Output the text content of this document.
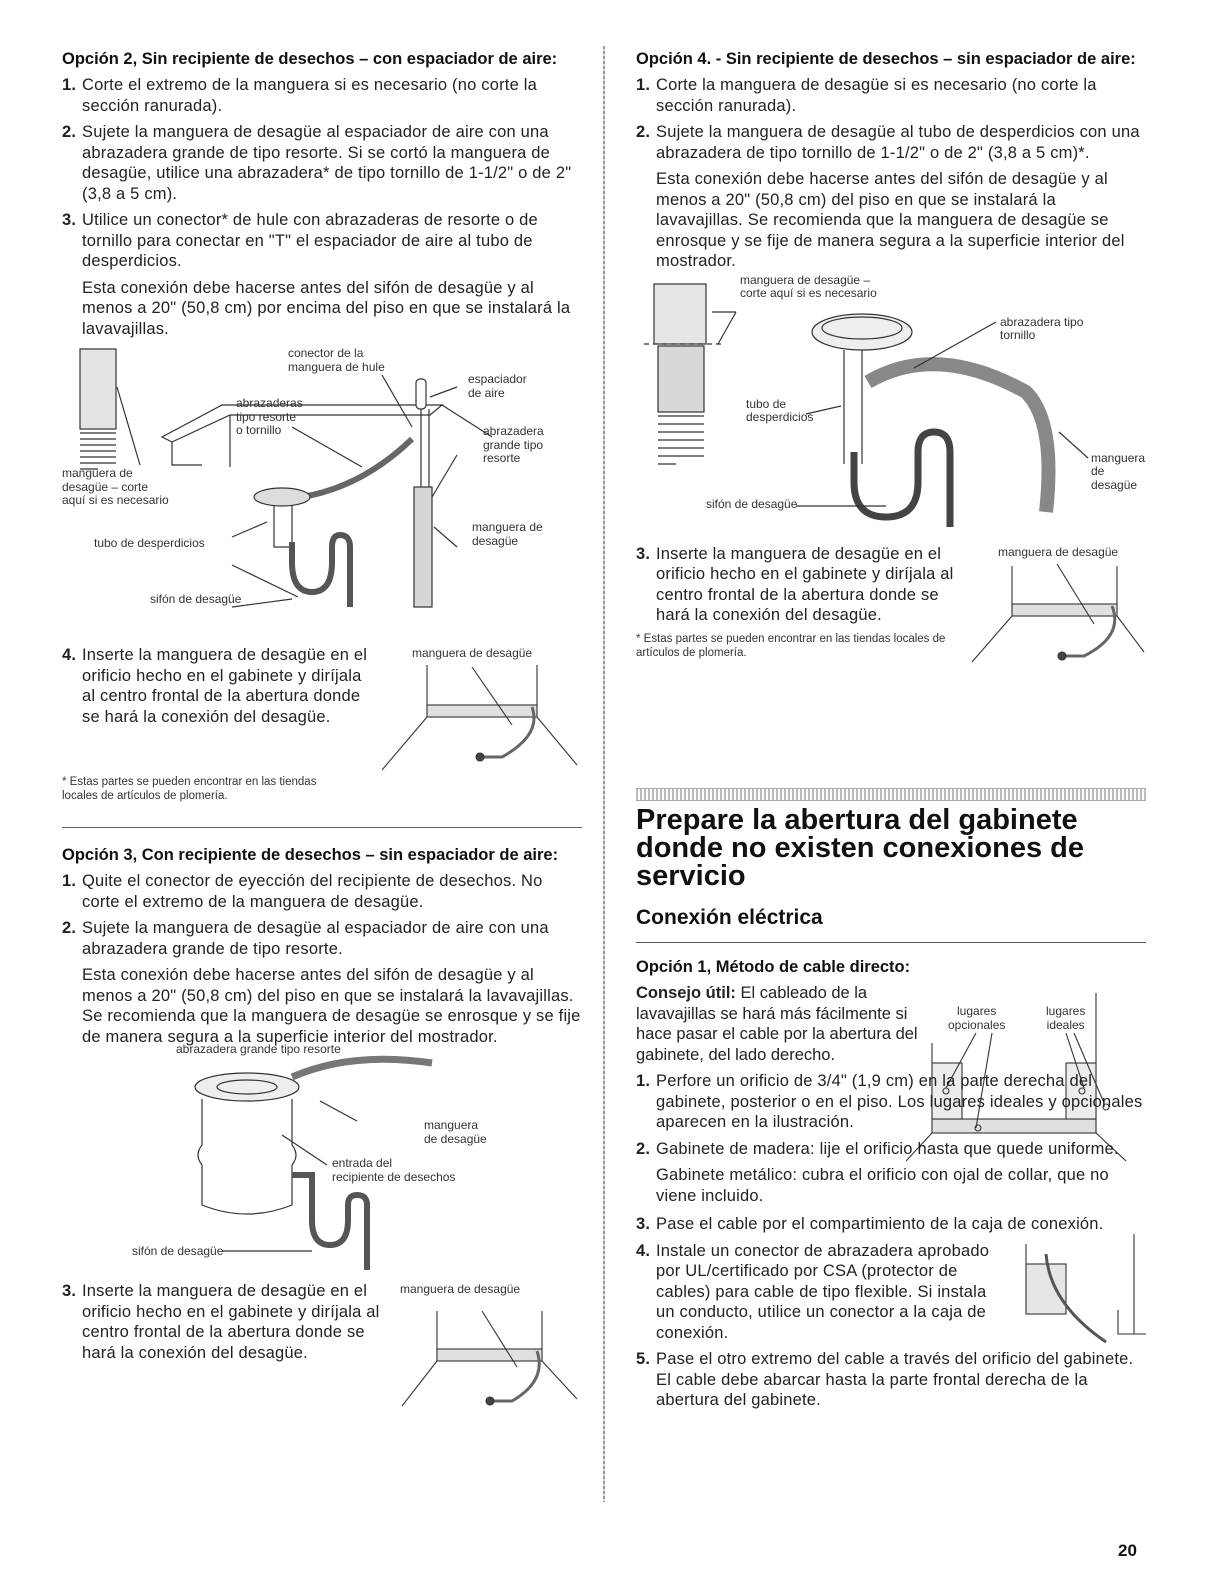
Opción 2, Sin recipiente de desechos – con espaciador de aire:
1. Corte el extremo de la manguera si es necesario (no corte la sección ranurada).
2. Sujete la manguera de desagüe al espaciador de aire con una abrazadera grande de tipo resorte. Si se cortó la manguera de desagüe, utilice una abrazadera* de tipo tornillo de 1-1/2" o de 2" (3,8 a 5 cm).
3. Utilice un conector* de hule con abrazaderas de resorte o de tornillo para conectar en "T" el espaciador de aire al tubo de desperdicios.

Esta conexión debe hacerse antes del sifón de desagüe y al menos a 20" (50,8 cm) por encima del piso en que se instalará la lavavajillas.

conector de la
manguera de hule
espaciador
de aire
abrazaderas
tipo resorte
o tornillo	abrazadera
grande tipo
resorte
manguera de
desagüe – corte
aquí si es necesario
tubo de desperdicios
manguera de
desagüe
sifón de desagüe
4. Inserte la manguera de desagüe en el orificio hecho en el gabinete y diríjala al centro frontal de la abertura donde se hará la conexión del desagüe.
manguera de desagüe

* Estas partes se pueden encontrar en las tiendas locales de artículos de plomería.

Opción 3, Con recipiente de desechos – sin espaciador de aire:
1. Quite el conector de eyección del recipiente de desechos. No corte el extremo de la manguera de desagüe.
2. Sujete la manguera de desagüe al espaciador de aire con una abrazadera grande de tipo resorte.

Esta conexión debe hacerse antes del sifón de desagüe y al menos a 20" (50,8 cm) del piso en que se instalará la lavavajillas. Se recomienda que la manguera de desagüe se enrosque y se fije de manera segura a la superficie interior del mostrador.

abrazadera grande tipo resorte
manguera
de desagüe
entrada del
recipiente de desechos
sifón de desagüe
3. Inserte la manguera de desagüe en el orificio hecho en el gabinete y diríjala al centro frontal de la abertura donde se hará la conexión del desagüe.
manguera de desagüe
Opción 4. - Sin recipiente de desechos – sin espaciador de aire:
1. Corte la manguera de desagüe si es necesario (no corte la sección ranurada).
2. Sujete la manguera de desagüe al tubo de desperdicios con una abrazadera de tipo tornillo de 1-1/2" o de 2" (3,8 a 5 cm)*.

Esta conexión debe hacerse antes del sifón de desagüe y al menos a 20" (50,8 cm) del piso en que se instalará la lavavajillas. Se recomienda que la manguera de desagüe se enrosque y se fije de manera segura a la superficie interior del mostrador.

manguera de desagüe –
corte aquí si es necesario
abrazadera tipo
tornillo
tubo de
desperdicios
manguera
de desagüe
sifón de desagüe
3. Inserte la manguera de desagüe en el orificio hecho en el gabinete y diríjala al centro frontal de la abertura donde se hará la conexión del desagüe.

* Estas partes se pueden encontrar en las tiendas locales de artículos de plomería.

manguera de desagüe
Prepare la abertura del gabinete donde no existen conexiones de servicio
Conexión eléctrica
Opción 1, Método de cable directo:

Consejo útil: El cableado de la lavavajillas se hará más fácilmente si hace pasar el cable por la abertura del gabinete, del lado derecho.

lugares
opcionales
lugares
ideales
1. Perfore un orificio de 3/4" (1,9 cm) en la parte derecha del gabinete, posterior o en el piso. Los lugares ideales y opcionales aparecen en la ilustración.
2. Gabinete de madera: lije el orificio hasta que quede uniforme.

Gabinete metálico: cubra el orificio con ojal de collar, que no viene incluido.

3. Pase el cable por el compartimiento de la caja de conexión.
4. Instale un conector de abrazadera aprobado por UL/certificado por CSA (protector de cables) para cable de tipo flexible. Si instala un conducto, utilice un conector a la caja de conexión.
5. Pase el otro extremo del cable a través del orificio del gabinete. El cable debe abarcar hasta la parte frontal derecha de la abertura del gabinete.
20
